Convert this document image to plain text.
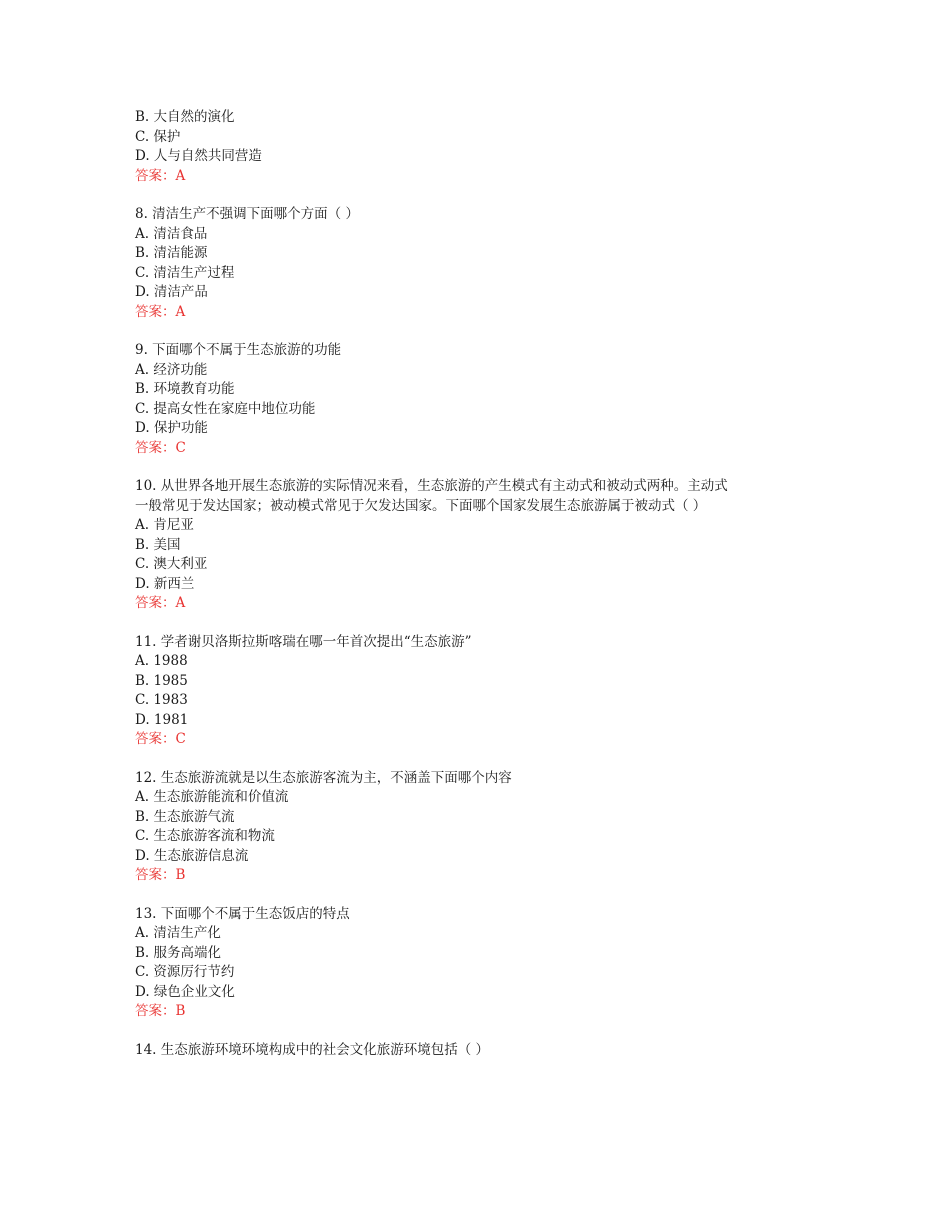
B. 大自然的演化
C. 保护
D. 人与自然共同营造
答案：A
8. 清洁生产不强调下面哪个方面（ ）
A. 清洁食品
B. 清洁能源
C. 清洁生产过程
D. 清洁产品
答案：A
9. 下面哪个不属于生态旅游的功能
A. 经济功能
B. 环境教育功能
C. 提高女性在家庭中地位功能
D. 保护功能
答案：C
10. 从世界各地开展生态旅游的实际情况来看，生态旅游的产生模式有主动式和被动式两种。主动式
一般常见于发达国家；被动模式常见于欠发达国家。下面哪个国家发展生态旅游属于被动式（ ）
A. 肯尼亚
B. 美国
C. 澳大利亚
D. 新西兰
答案：A
11. 学者谢贝洛斯拉斯喀瑞在哪一年首次提出“生态旅游”
A. 1988
B. 1985
C. 1983
D. 1981
答案：C
12. 生态旅游流就是以生态旅游客流为主，不涵盖下面哪个内容
A. 生态旅游能流和价值流
B. 生态旅游气流
C. 生态旅游客流和物流
D. 生态旅游信息流
答案：B
13. 下面哪个不属于生态饭店的特点
A. 清洁生产化
B. 服务高端化
C. 资源厉行节约
D. 绿色企业文化
答案：B
14. 生态旅游环境环境构成中的社会文化旅游环境包括（ ）
